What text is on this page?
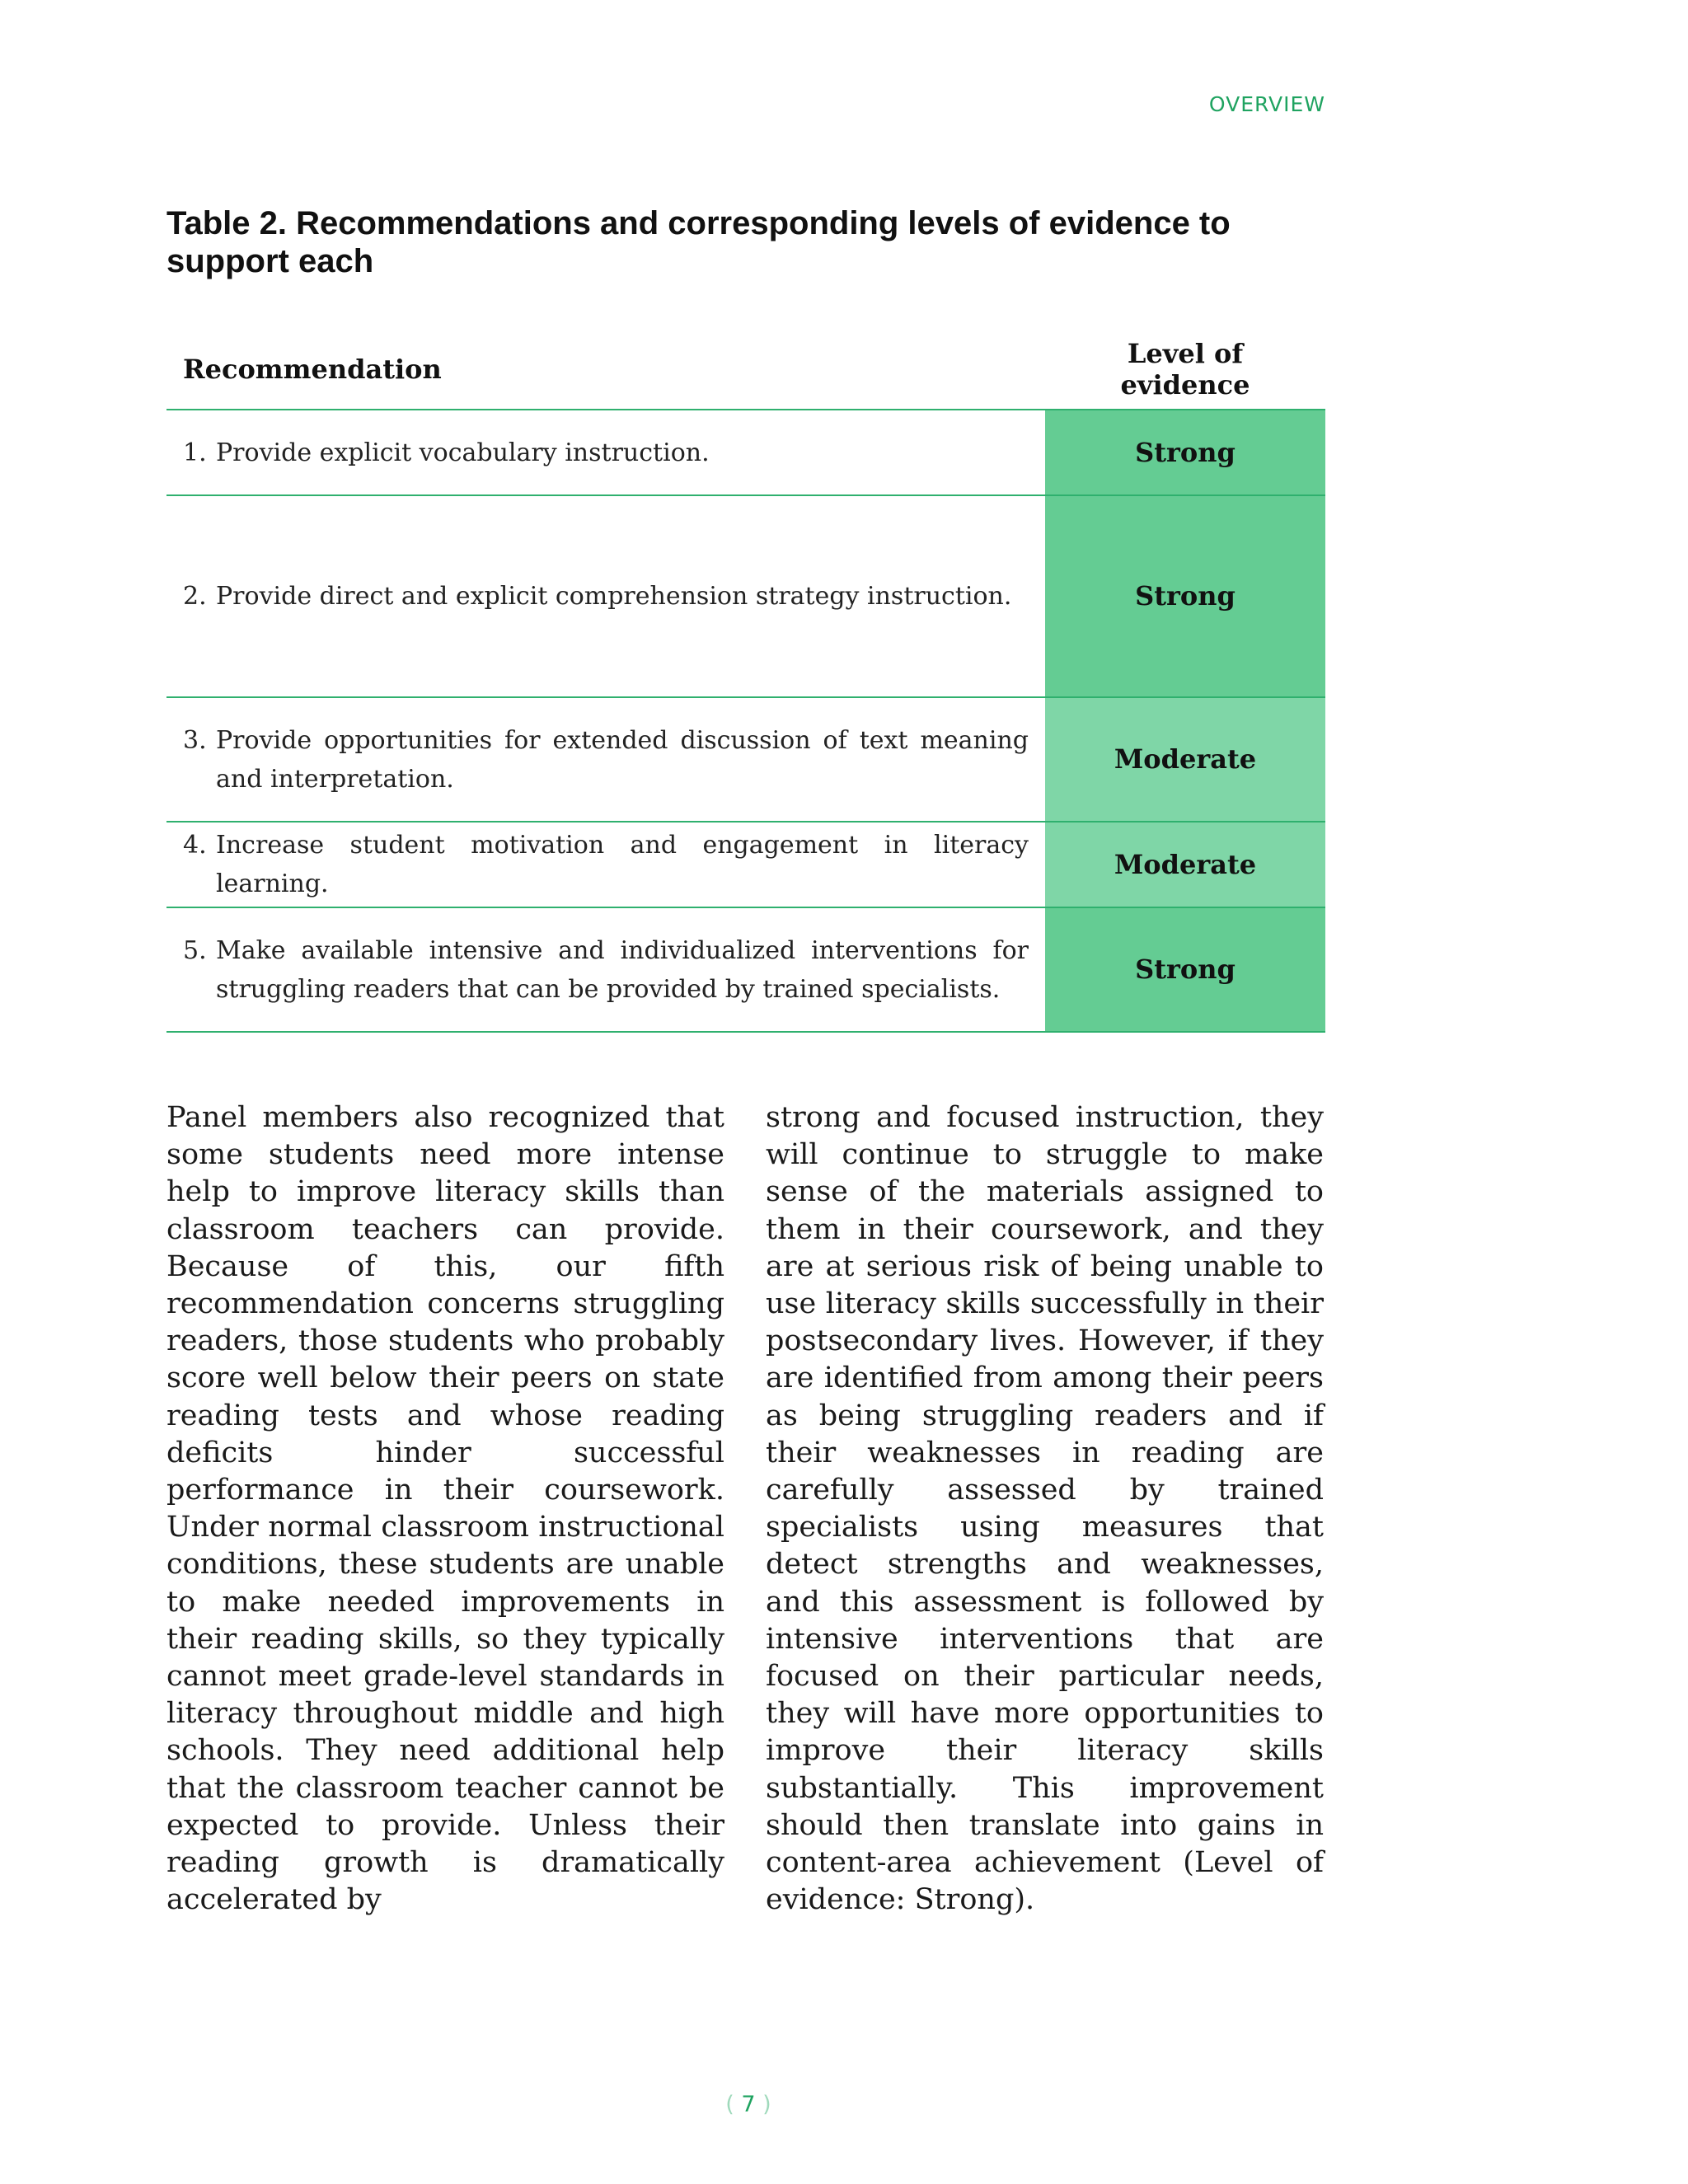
OVERVIEW
Table 2. Recommendations and corresponding levels of evidence to support each
Recommendation	Level of evidence

1. Provide explicit vocabulary instruction.	Strong

2. Provide direct and explicit comprehension strategy instruction.	Strong

3. Provide opportunities for extended discussion of text meaning and interpretation.	Moderate

4. Increase student motivation and engagement in literacy learning.	Moderate

5. Make available intensive and individualized interventions for struggling readers that can be provided by trained specialists.	Strong

Panel members also recognized that some students need more intense help to improve literacy skills than classroom teachers can provide. Because of this, our fifth recommendation concerns struggling readers, those students who probably score well below their peers on state reading tests and whose reading deficits hinder successful performance in their coursework. Under normal classroom instructional conditions, these students are unable to make needed improvements in their reading skills, so they typically cannot meet grade-level standards in literacy throughout middle and high schools. They need additional help that the classroom teacher cannot be expected to provide. Unless their reading growth is dramatically accelerated by

strong and focused instruction, they will continue to struggle to make sense of the materials assigned to them in their coursework, and they are at serious risk of being unable to use literacy skills successfully in their postsecondary lives. However, if they are identified from among their peers as being struggling readers and if their weaknesses in reading are carefully assessed by trained specialists using measures that detect strengths and weaknesses, and this assessment is followed by intensive interventions that are focused on their particular needs, they will have more opportunities to improve their literacy skills substantially. This improvement should then translate into gains in content-area achievement (Level of evidence: Strong).

( 7 )
